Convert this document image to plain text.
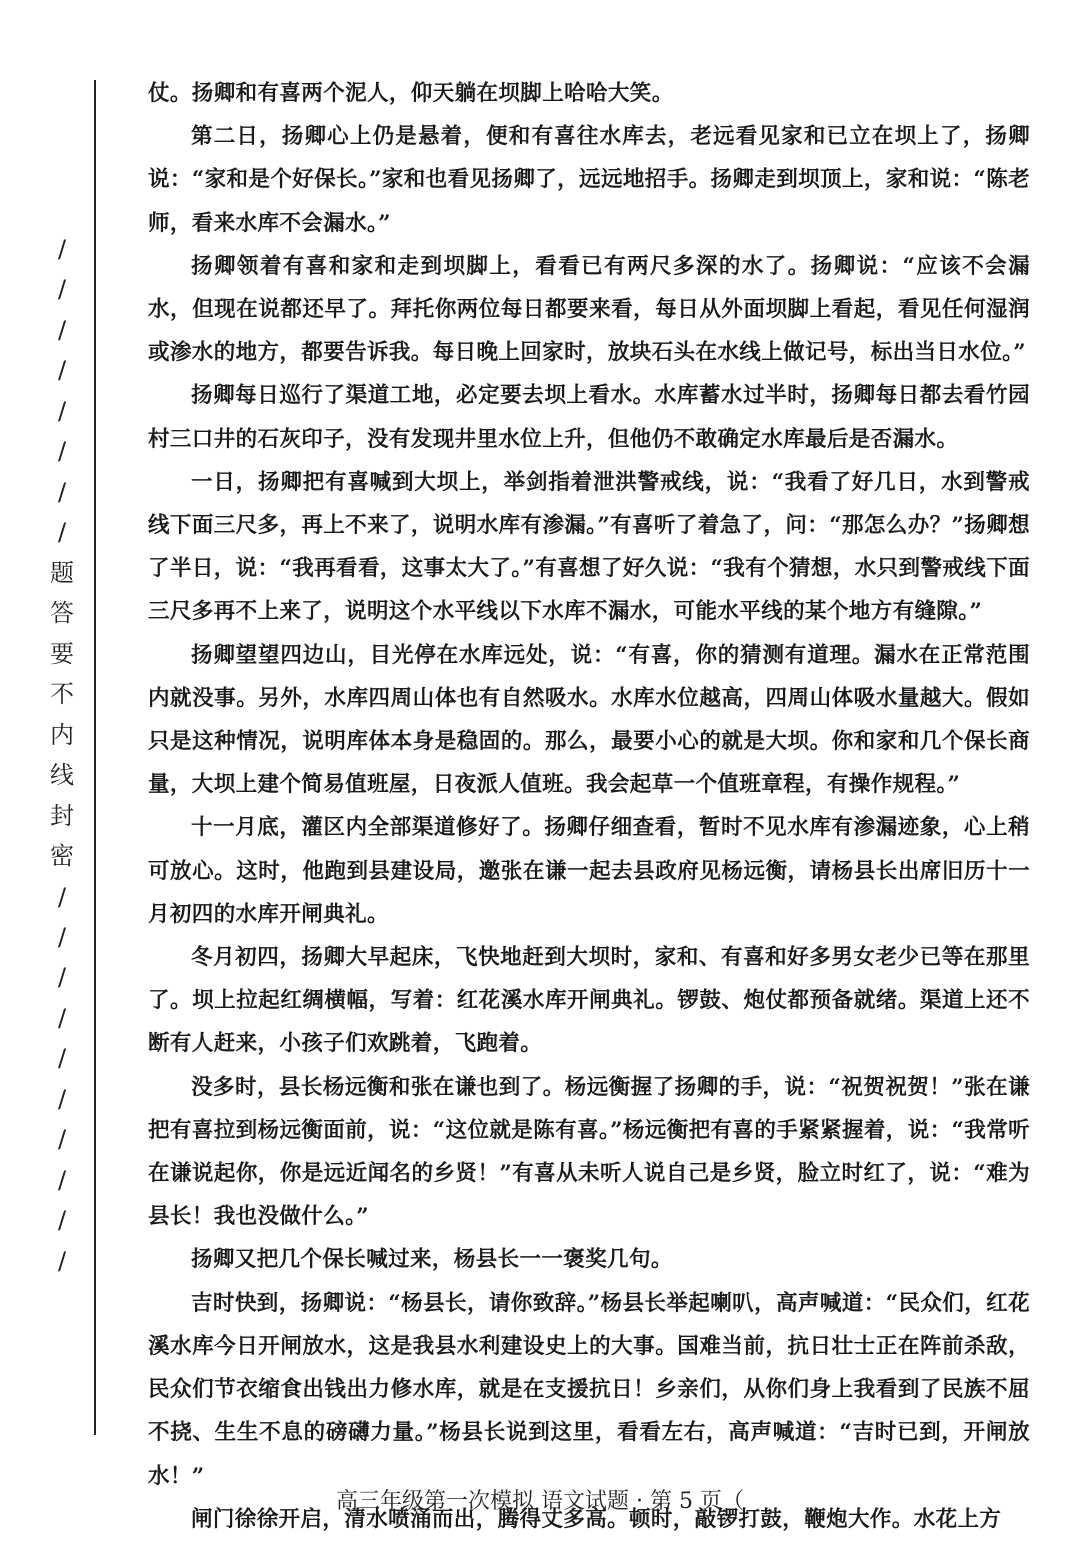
/
/
/
/
/
/
/
/
题
答
要
不
内
线
封
密
/
/
/
/
/
/
/
/
/
/

仗。扬卿和有喜两个泥人，仰天躺在坝脚上哈哈大笑。

第二日，扬卿心上仍是悬着，便和有喜往水库去，老远看见家和已立在坝上了，扬卿说：“家和是个好保长。”家和也看见扬卿了，远远地招手。扬卿走到坝顶上，家和说：“陈老师，看来水库不会漏水。”

扬卿领着有喜和家和走到坝脚上，看看已有两尺多深的水了。扬卿说：“应该不会漏水，但现在说都还早了。拜托你两位每日都要来看，每日从外面坝脚上看起，看见任何湿润或渗水的地方，都要告诉我。每日晚上回家时，放块石头在水线上做记号，标出当日水位。”

扬卿每日巡行了渠道工地，必定要去坝上看水。水库蓄水过半时，扬卿每日都去看竹园村三口井的石灰印子，没有发现井里水位上升，但他仍不敢确定水库最后是否漏水。

一日，扬卿把有喜喊到大坝上，举剑指着泄洪警戒线，说：“我看了好几日，水到警戒线下面三尺多，再上不来了，说明水库有渗漏。”有喜听了着急了，问：“那怎么办？”扬卿想了半日，说：“我再看看，这事太大了。”有喜想了好久说：“我有个猜想，水只到警戒线下面三尺多再不上来了，说明这个水平线以下水库不漏水，可能水平线的某个地方有缝隙。”

扬卿望望四边山，目光停在水库远处，说：“有喜，你的猜测有道理。漏水在正常范围内就没事。另外，水库四周山体也有自然吸水。水库水位越高，四周山体吸水量越大。假如只是这种情况，说明库体本身是稳固的。那么，最要小心的就是大坝。你和家和几个保长商量，大坝上建个简易值班屋，日夜派人值班。我会起草一个值班章程，有操作规程。”

十一月底，灌区内全部渠道修好了。扬卿仔细查看，暂时不见水库有渗漏迹象，心上稍可放心。这时，他跑到县建设局，邀张在谦一起去县政府见杨远衡，请杨县长出席旧历十一月初四的水库开闸典礼。

冬月初四，扬卿大早起床，飞快地赶到大坝时，家和、有喜和好多男女老少已等在那里了。坝上拉起红绸横幅，写着：红花溪水库开闸典礼。锣鼓、炮仗都预备就绪。渠道上还不断有人赶来，小孩子们欢跳着，飞跑着。

没多时，县长杨远衡和张在谦也到了。杨远衡握了扬卿的手，说：“祝贺祝贺！”张在谦把有喜拉到杨远衡面前，说：“这位就是陈有喜。”杨远衡把有喜的手紧紧握着，说：“我常听在谦说起你，你是远近闻名的乡贤！”有喜从未听人说自己是乡贤，脸立时红了，说：“难为县长！我也没做什么。”

扬卿又把几个保长喊过来，杨县长一一褒奖几句。

吉时快到，扬卿说：“杨县长，请你致辞。”杨县长举起喇叭，高声喊道：“民众们，红花溪水库今日开闸放水，这是我县水利建设史上的大事。国难当前，抗日壮士正在阵前杀敌，民众们节衣缩食出钱出力修水库，就是在支援抗日！乡亲们，从你们身上我看到了民族不屈不挠、生生不息的磅礴力量。”杨县长说到这里，看看左右，高声喊道：“吉时已到，开闸放水！”

闸门徐徐开启，清水喷涌而出，腾得丈多高。顿时，敲锣打鼓，鞭炮大作。水花上方

高三年级第一次模拟 语文试题 · 第 5 页（
